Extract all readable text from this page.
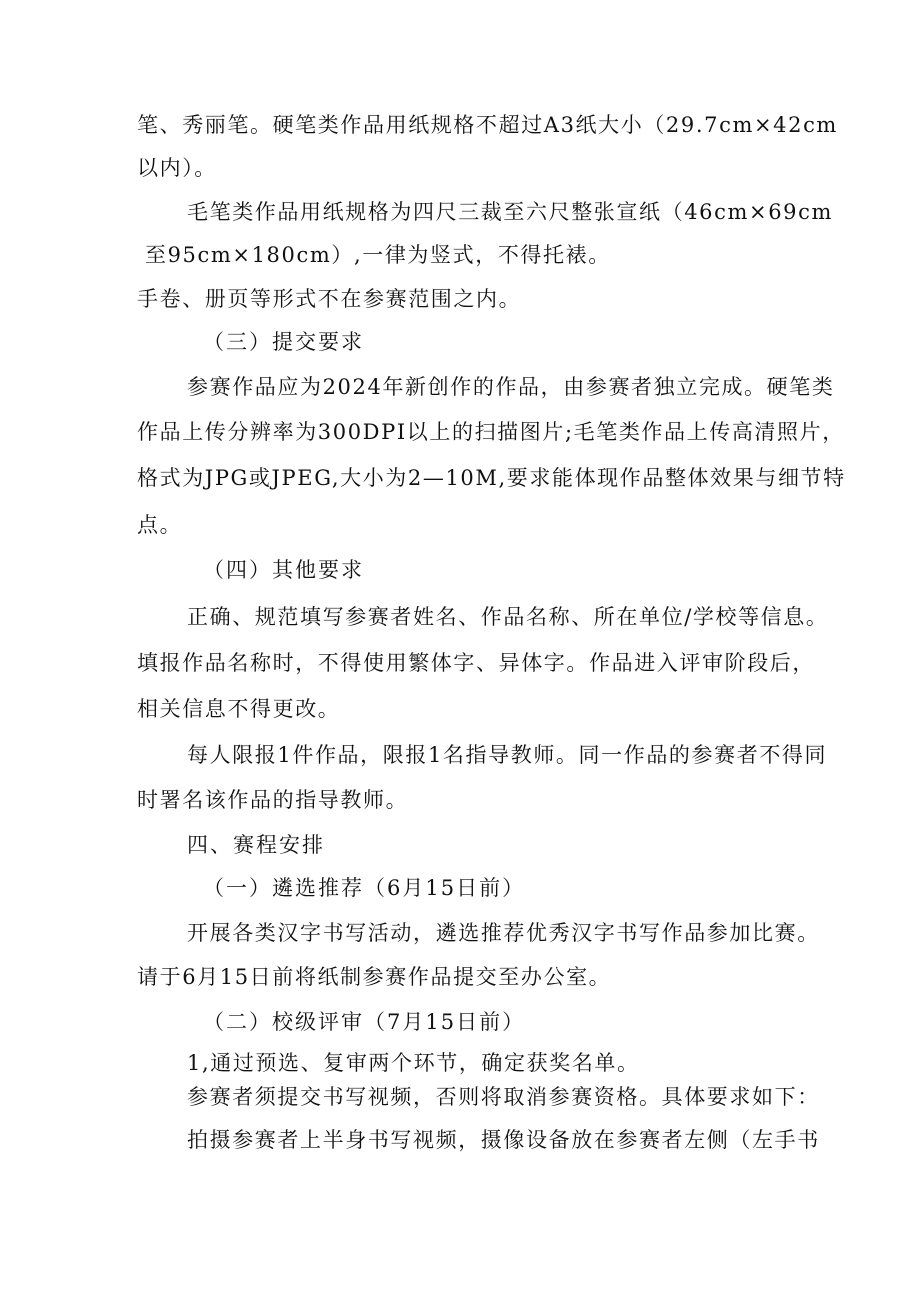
笔、秀丽笔。硬笔类作品用纸规格不超过A3纸大小（29.7cm×42cm
以内）。
毛笔类作品用纸规格为四尺三裁至六尺整张宣纸（46cm×69cm
至95cm×180cm）,一律为竖式，不得托裱。
手卷、册页等形式不在参赛范围之内。
（三）提交要求
参赛作品应为2024年新创作的作品，由参赛者独立完成。硬笔类
作品上传分辨率为300DPI以上的扫描图片;毛笔类作品上传高清照片，
格式为JPG或JPEG,大小为2—10M,要求能体现作品整体效果与细节特
点。
（四）其他要求
正确、规范填写参赛者姓名、作品名称、所在单位/学校等信息。
填报作品名称时，不得使用繁体字、异体字。作品进入评审阶段后，
相关信息不得更改。
每人限报1件作品，限报1名指导教师。同一作品的参赛者不得同
时署名该作品的指导教师。
四、赛程安排
（一）遴选推荐（6月15日前）
开展各类汉字书写活动，遴选推荐优秀汉字书写作品参加比赛。
请于6月15日前将纸制参赛作品提交至办公室。
（二）校级评审（7月15日前）
1,通过预选、复审两个环节，确定获奖名单。
参赛者须提交书写视频，否则将取消参赛资格。具体要求如下：
拍摄参赛者上半身书写视频，摄像设备放在参赛者左侧（左手书
